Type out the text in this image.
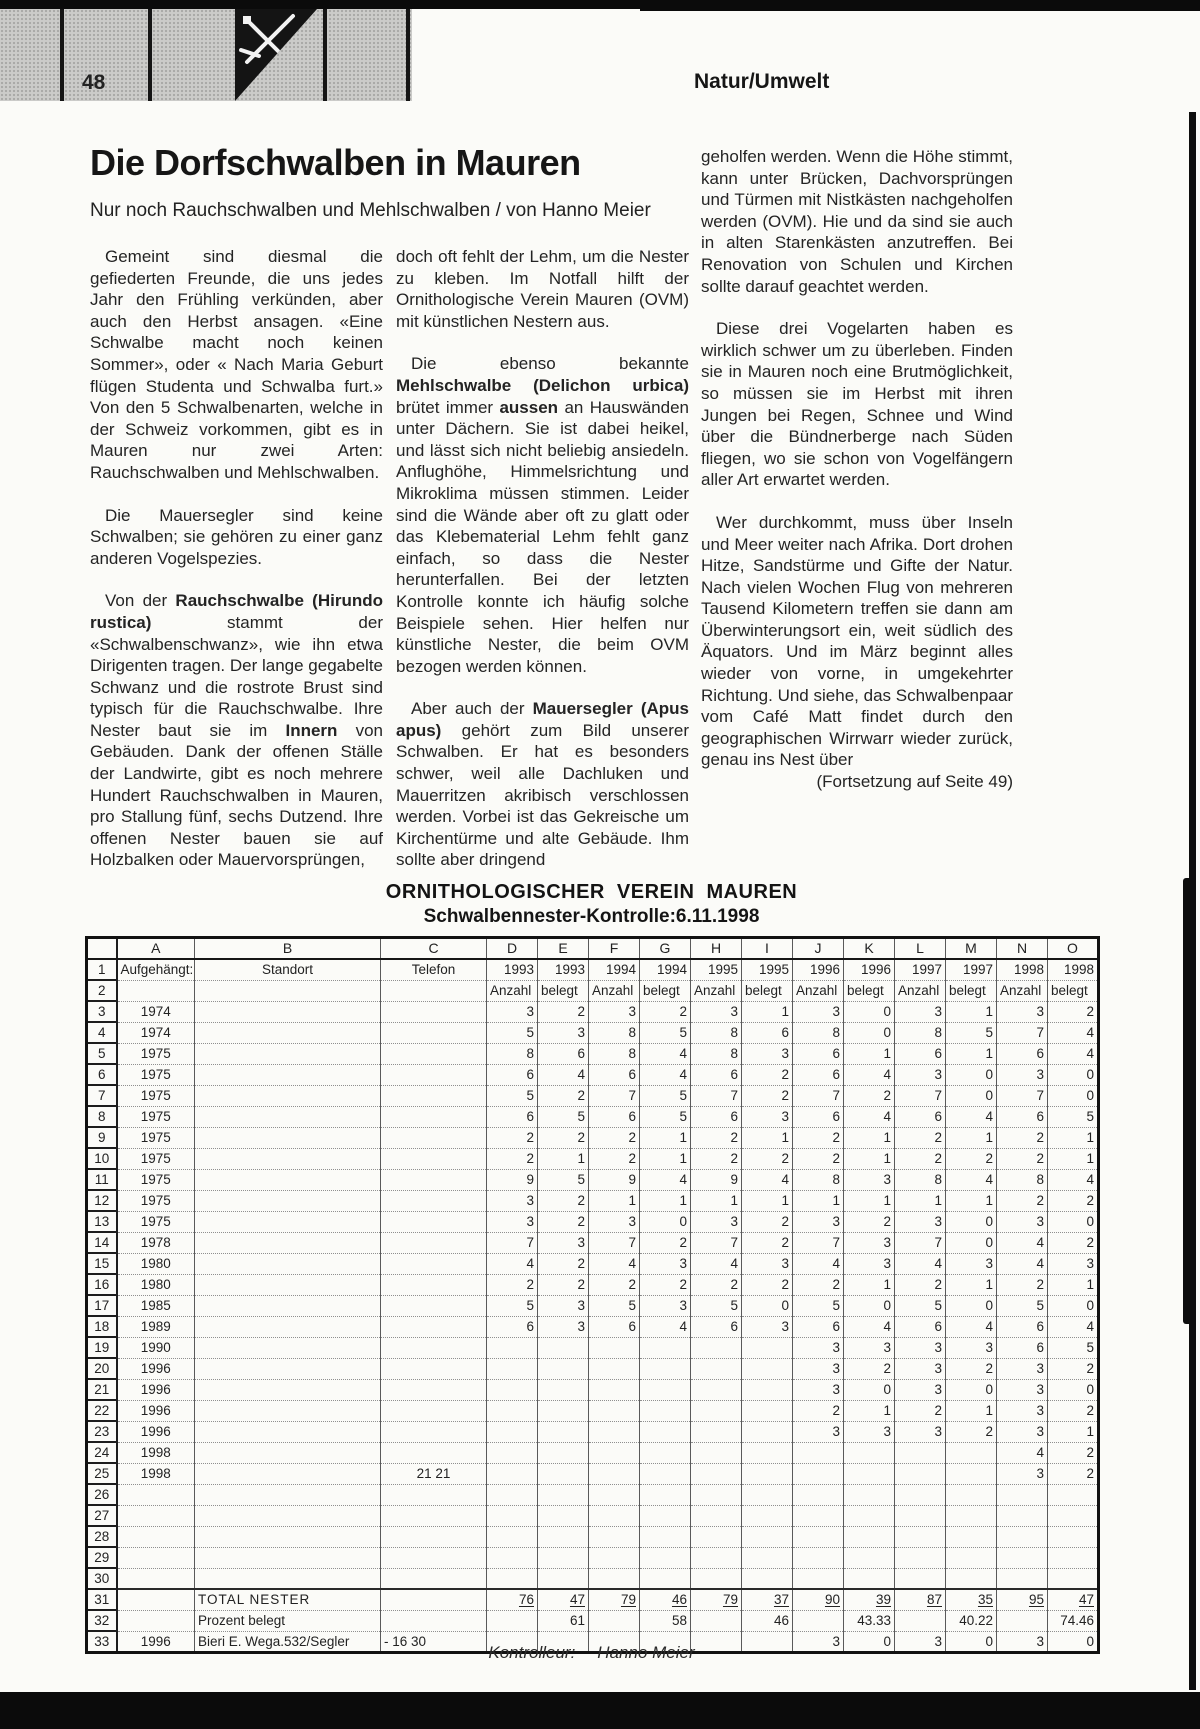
48	Natur/Umwelt
Die Dorfschwalben in Mauren
Nur noch Rauchschwalben und Mehlschwalben / von Hanno Meier

Gemeint sind diesmal die gefiederten Freunde, die uns jedes Jahr den Frühling verkünden, aber auch den Herbst ansagen. «Eine Schwalbe macht noch keinen Sommer», oder « Nach Maria Geburt flügen Studenta und Schwalba furt.» Von den 5 Schwalbenarten, welche in der Schweiz vorkommen, gibt es in Mauren nur zwei Arten: Rauchschwalben und Mehlschwalben.

Die Mauersegler sind keine Schwalben; sie gehören zu einer ganz anderen Vogelspezies.

Von der Rauchschwalbe (Hirundo rustica) stammt der «Schwalbenschwanz», wie ihn etwa Dirigenten tragen. Der lange gegabelte Schwanz und die rostrote Brust sind typisch für die Rauchschwalbe. Ihre Nester baut sie im Innern von Gebäuden. Dank der offenen Ställe der Landwirte, gibt es noch mehrere Hundert Rauchschwalben in Mauren, pro Stallung fünf, sechs Dutzend. Ihre offenen Nester bauen sie auf Holzbalken oder Mauervorsprüngen,

doch oft fehlt der Lehm, um die Nester zu kleben. Im Notfall hilft der Ornithologische Verein Mauren (OVM) mit künstlichen Nestern aus.

Die ebenso bekannte Mehlschwalbe (Delichon urbica) brütet immer aussen an Hauswänden unter Dächern. Sie ist dabei heikel, und lässt sich nicht beliebig ansiedeln. Anflughöhe, Himmelsrichtung und Mikroklima müssen stimmen. Leider sind die Wände aber oft zu glatt oder das Klebematerial Lehm fehlt ganz einfach, so dass die Nester herunterfallen. Bei der letzten Kontrolle konnte ich häufig solche Beispiele sehen. Hier helfen nur künstliche Nester, die beim OVM bezogen werden können.

Aber auch der Mauersegler (Apus apus) gehört zum Bild unserer Schwalben. Er hat es besonders schwer, weil alle Dachluken und Mauerritzen akribisch verschlossen werden. Vorbei ist das Gekreische um Kirchentürme und alte Gebäude. Ihm sollte aber dringend

geholfen werden. Wenn die Höhe stimmt, kann unter Brücken, Dachvorsprüngen und Türmen mit Nistkästen nachgeholfen werden (OVM). Hie und da sind sie auch in alten Starenkästen anzutreffen. Bei Renovation von Schulen und Kirchen sollte darauf geachtet werden.

Diese drei Vogelarten haben es wirklich schwer um zu überleben. Finden sie in Mauren noch eine Brutmöglichkeit, so müssen sie im Herbst mit ihren Jungen bei Regen, Schnee und Wind über die Bündnerberge nach Süden fliegen, wo sie schon von Vogelfängern aller Art erwartet werden.

Wer durchkommt, muss über Inseln und Meer weiter nach Afrika. Dort drohen Hitze, Sandstürme und Gifte der Natur. Nach vielen Wochen Flug von mehreren Tausend Kilometern treffen sie dann am Überwinterungsort ein, weit südlich des Äquators. Und im März beginnt alles wieder von vorne, in umgekehrter Richtung. Und siehe, das Schwalbenpaar vom Café Matt findet durch den geographischen Wirrwarr wieder zurück, genau ins Nest über

(Fortsetzung auf Seite 49)

ORNITHOLOGISCHER VEREIN MAUREN
Schwalbennester-Kontrolle:6.11.1998
	A	B	C	D	E	F	G	H	I	J	K	L	M	N	O
1	Aufgehängt:	Standort	Telefon	1993	1993	1994	1994	1995	1995	1996	1996	1997	1997	1998	1998
2				Anzahl	belegt	Anzahl	belegt	Anzahl	belegt	Anzahl	belegt	Anzahl	belegt	Anzahl	belegt
3	1974			3	2	3	2	3	1	3	0	3	1	3	2
4	1974			5	3	8	5	8	6	8	0	8	5	7	4
5	1975			8	6	8	4	8	3	6	1	6	1	6	4
6	1975			6	4	6	4	6	2	6	4	3	0	3	0
7	1975			5	2	7	5	7	2	7	2	7	0	7	0
8	1975			6	5	6	5	6	3	6	4	6	4	6	5
9	1975			2	2	2	1	2	1	2	1	2	1	2	1
10	1975			2	1	2	1	2	2	2	1	2	2	2	1
11	1975			9	5	9	4	9	4	8	3	8	4	8	4
12	1975			3	2	1	1	1	1	1	1	1	1	2	2
13	1975			3	2	3	0	3	2	3	2	3	0	3	0
14	1978			7	3	7	2	7	2	7	3	7	0	4	2
15	1980			4	2	4	3	4	3	4	3	4	3	4	3
16	1980			2	2	2	2	2	2	2	1	2	1	2	1
17	1985			5	3	5	3	5	0	5	0	5	0	5	0
18	1989			6	3	6	4	6	3	6	4	6	4	6	4
19	1990									3	3	3	3	6	5
20	1996									3	2	3	2	3	2
21	1996									3	0	3	0	3	0
22	1996									2	1	2	1	3	2
23	1996									3	3	3	2	3	1
24	1998													4	2
25	1998		21 21											3	2
26															
27															
28															
29															
30															
31		TOTAL NESTER		76	47	79	46	79	37	90	39	87	35	95	47
32		Prozent belegt			61		58		46		43.33		40.22		74.46
33	1996	Bieri E. Wega.532/Segler	- 16 30							3	0	3	0	3	0
Kontrolleur: Hanno Meier
